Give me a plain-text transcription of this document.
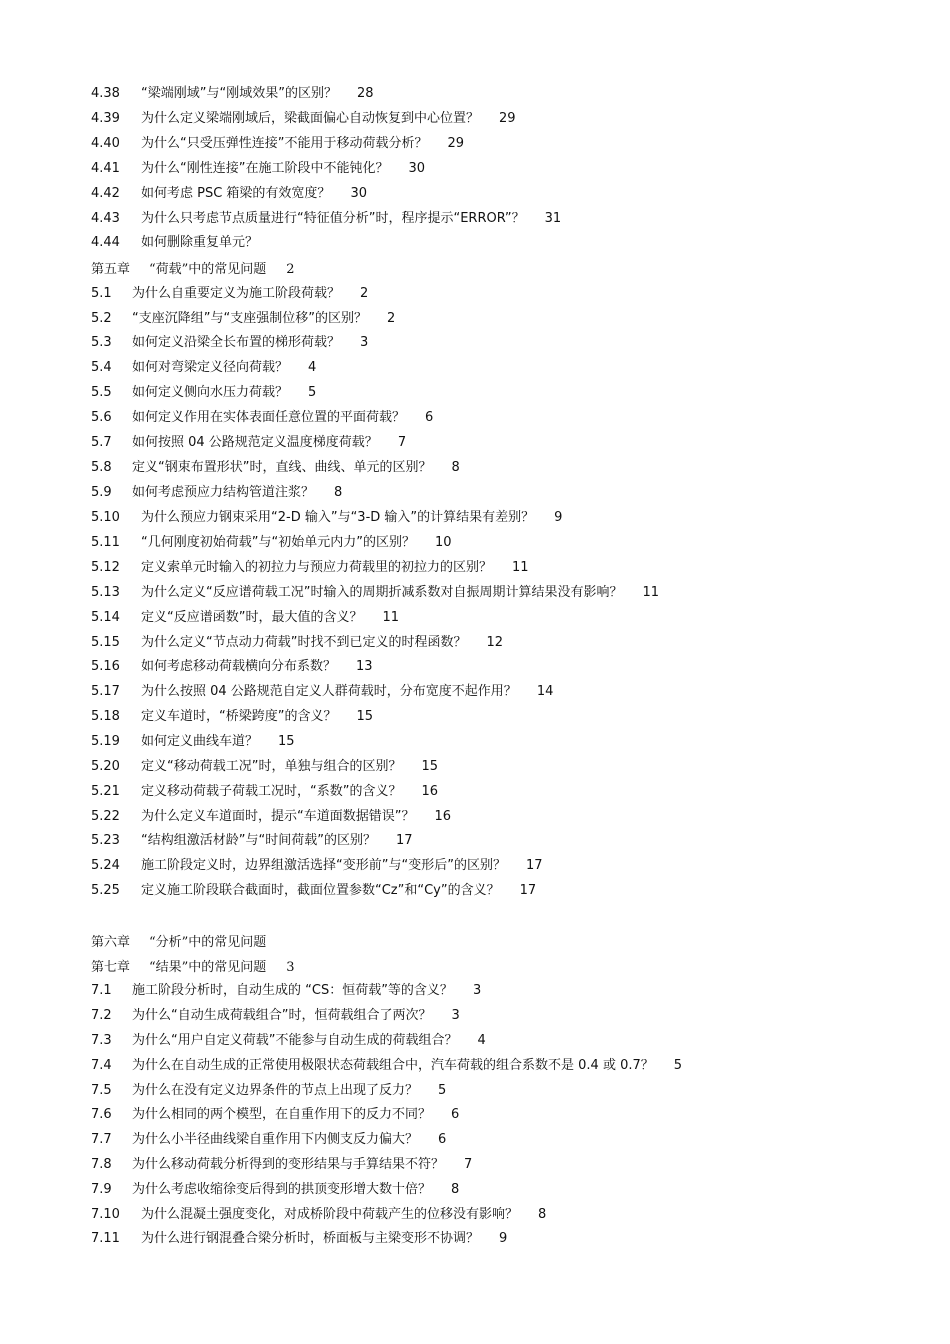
4.38 “梁端刚域”与“刚域效果”的区别？ 28
4.39 为什么定义梁端刚域后，梁截面偏心自动恢复到中心位置？ 29
4.40 为什么“只受压弹性连接”不能用于移动荷载分析？ 29
4.41 为什么“刚性连接”在施工阶段中不能钝化？ 30
4.42 如何考虑 PSC 箱梁的有效宽度？ 30
4.43 为什么只考虑节点质量进行“特征值分析”时，程序提示“ERROR”？ 31
4.44 如何删除重复单元？
第五章 “荷载”中的常见问题 2
5.1 为什么自重要定义为施工阶段荷载？ 2
5.2 “支座沉降组”与“支座强制位移”的区别？ 2
5.3 如何定义沿梁全长布置的梯形荷载？ 3
5.4 如何对弯梁定义径向荷载？ 4
5.5 如何定义侧向水压力荷载？ 5
5.6 如何定义作用在实体表面任意位置的平面荷载？ 6
5.7 如何按照 04 公路规范定义温度梯度荷载？ 7
5.8 定义“钢束布置形状”时，直线、曲线、单元的区别？ 8
5.9 如何考虑预应力结构管道注浆？ 8
5.10 为什么预应力钢束采用“2-D 输入”与“3-D 输入”的计算结果有差别？ 9
5.11 “几何刚度初始荷载”与“初始单元内力”的区别？ 10
5.12 定义索单元时输入的初拉力与预应力荷载里的初拉力的区别？ 11
5.13 为什么定义“反应谱荷载工况”时输入的周期折减系数对自振周期计算结果没有影响？ 11
5.14 定义“反应谱函数”时，最大值的含义？ 11
5.15 为什么定义“节点动力荷载”时找不到已定义的时程函数？ 12
5.16 如何考虑移动荷载横向分布系数？ 13
5.17 为什么按照 04 公路规范自定义人群荷载时，分布宽度不起作用？ 14
5.18 定义车道时，“桥梁跨度”的含义？ 15
5.19 如何定义曲线车道？ 15
5.20 定义“移动荷载工况”时，单独与组合的区别？ 15
5.21 定义移动荷载子荷载工况时，“系数”的含义？ 16
5.22 为什么定义车道面时，提示“车道面数据错误”？ 16
5.23 “结构组激活材龄”与“时间荷载”的区别？ 17
5.24 施工阶段定义时，边界组激活选择“变形前”与“变形后”的区别？ 17
5.25 定义施工阶段联合截面时，截面位置参数“Cz”和“Cy”的含义？ 17
第六章 “分析”中的常见问题
第七章 “结果”中的常见问题 3
7.1 施工阶段分析时，自动生成的 “CS：恒荷载”等的含义？ 3
7.2 为什么“自动生成荷载组合”时，恒荷载组合了两次？ 3
7.3 为什么“用户自定义荷载”不能参与自动生成的荷载组合？ 4
7.4 为什么在自动生成的正常使用极限状态荷载组合中，汽车荷载的组合系数不是 0.4 或 0.7？ 5
7.5 为什么在没有定义边界条件的节点上出现了反力？ 5
7.6 为什么相同的两个模型，在自重作用下的反力不同？ 6
7.7 为什么小半径曲线梁自重作用下内侧支反力偏大？ 6
7.8 为什么移动荷载分析得到的变形结果与手算结果不符？ 7
7.9 为什么考虑收缩徐变后得到的拱顶变形增大数十倍？ 8
7.10 为什么混凝土强度变化，对成桥阶段中荷载产生的位移没有影响？ 8
7.11 为什么进行钢混叠合梁分析时，桥面板与主梁变形不协调？ 9
